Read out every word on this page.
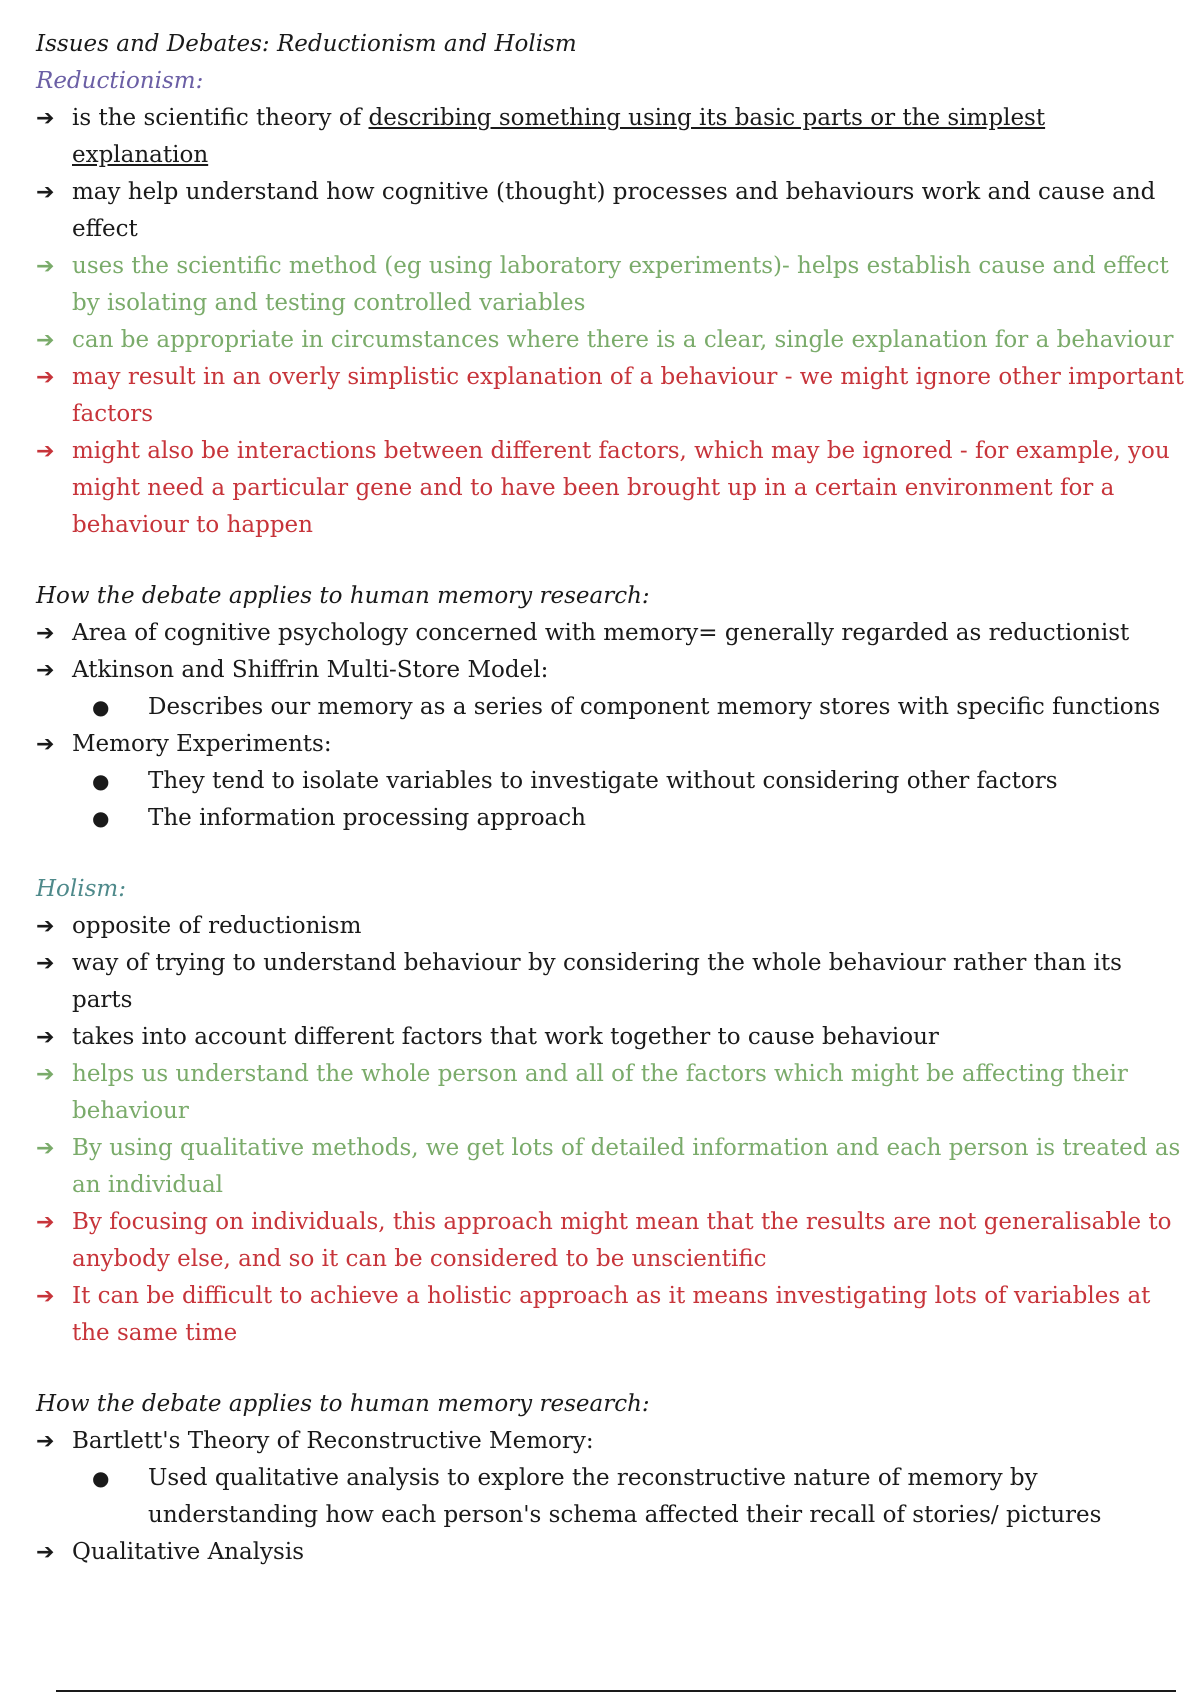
Issues and Debates: Reductionism and Holism
Reductionism:
➔ is the scientific theory of describing something using its basic parts or the simplest explanation
➔ may help understand how cognitive (thought) processes and behaviours work and cause and effect
➔ uses the scientific method (eg using laboratory experiments)- helps establish cause and effect by isolating and testing controlled variables
➔ can be appropriate in circumstances where there is a clear, single explanation for a behaviour
➔ may result in an overly simplistic explanation of a behaviour - we might ignore other important factors
➔ might also be interactions between different factors, which may be ignored - for example, you might need a particular gene and to have been brought up in a certain environment for a behaviour to happen
How the debate applies to human memory research:
➔ Area of cognitive psychology concerned with memory= generally regarded as reductionist
➔ Atkinson and Shiffrin Multi-Store Model:
●	Describes our memory as a series of component memory stores with specific functions
➔ Memory Experiments:
●	They tend to isolate variables to investigate without considering other factors
●	The information processing approach
Holism:
➔ opposite of reductionism
➔ way of trying to understand behaviour by considering the whole behaviour rather than its parts
➔ takes into account different factors that work together to cause behaviour
➔ helps us understand the whole person and all of the factors which might be affecting their behaviour
➔ By using qualitative methods, we get lots of detailed information and each person is treated as an individual
➔ By focusing on individuals, this approach might mean that the results are not generalisable to anybody else, and so it can be considered to be unscientific
➔ It can be difficult to achieve a holistic approach as it means investigating lots of variables at the same time
How the debate applies to human memory research:
➔ Bartlett's Theory of Reconstructive Memory:
●	Used qualitative analysis to explore the reconstructive nature of memory by understanding how each person's schema affected their recall of stories/ pictures
➔ Qualitative Analysis
